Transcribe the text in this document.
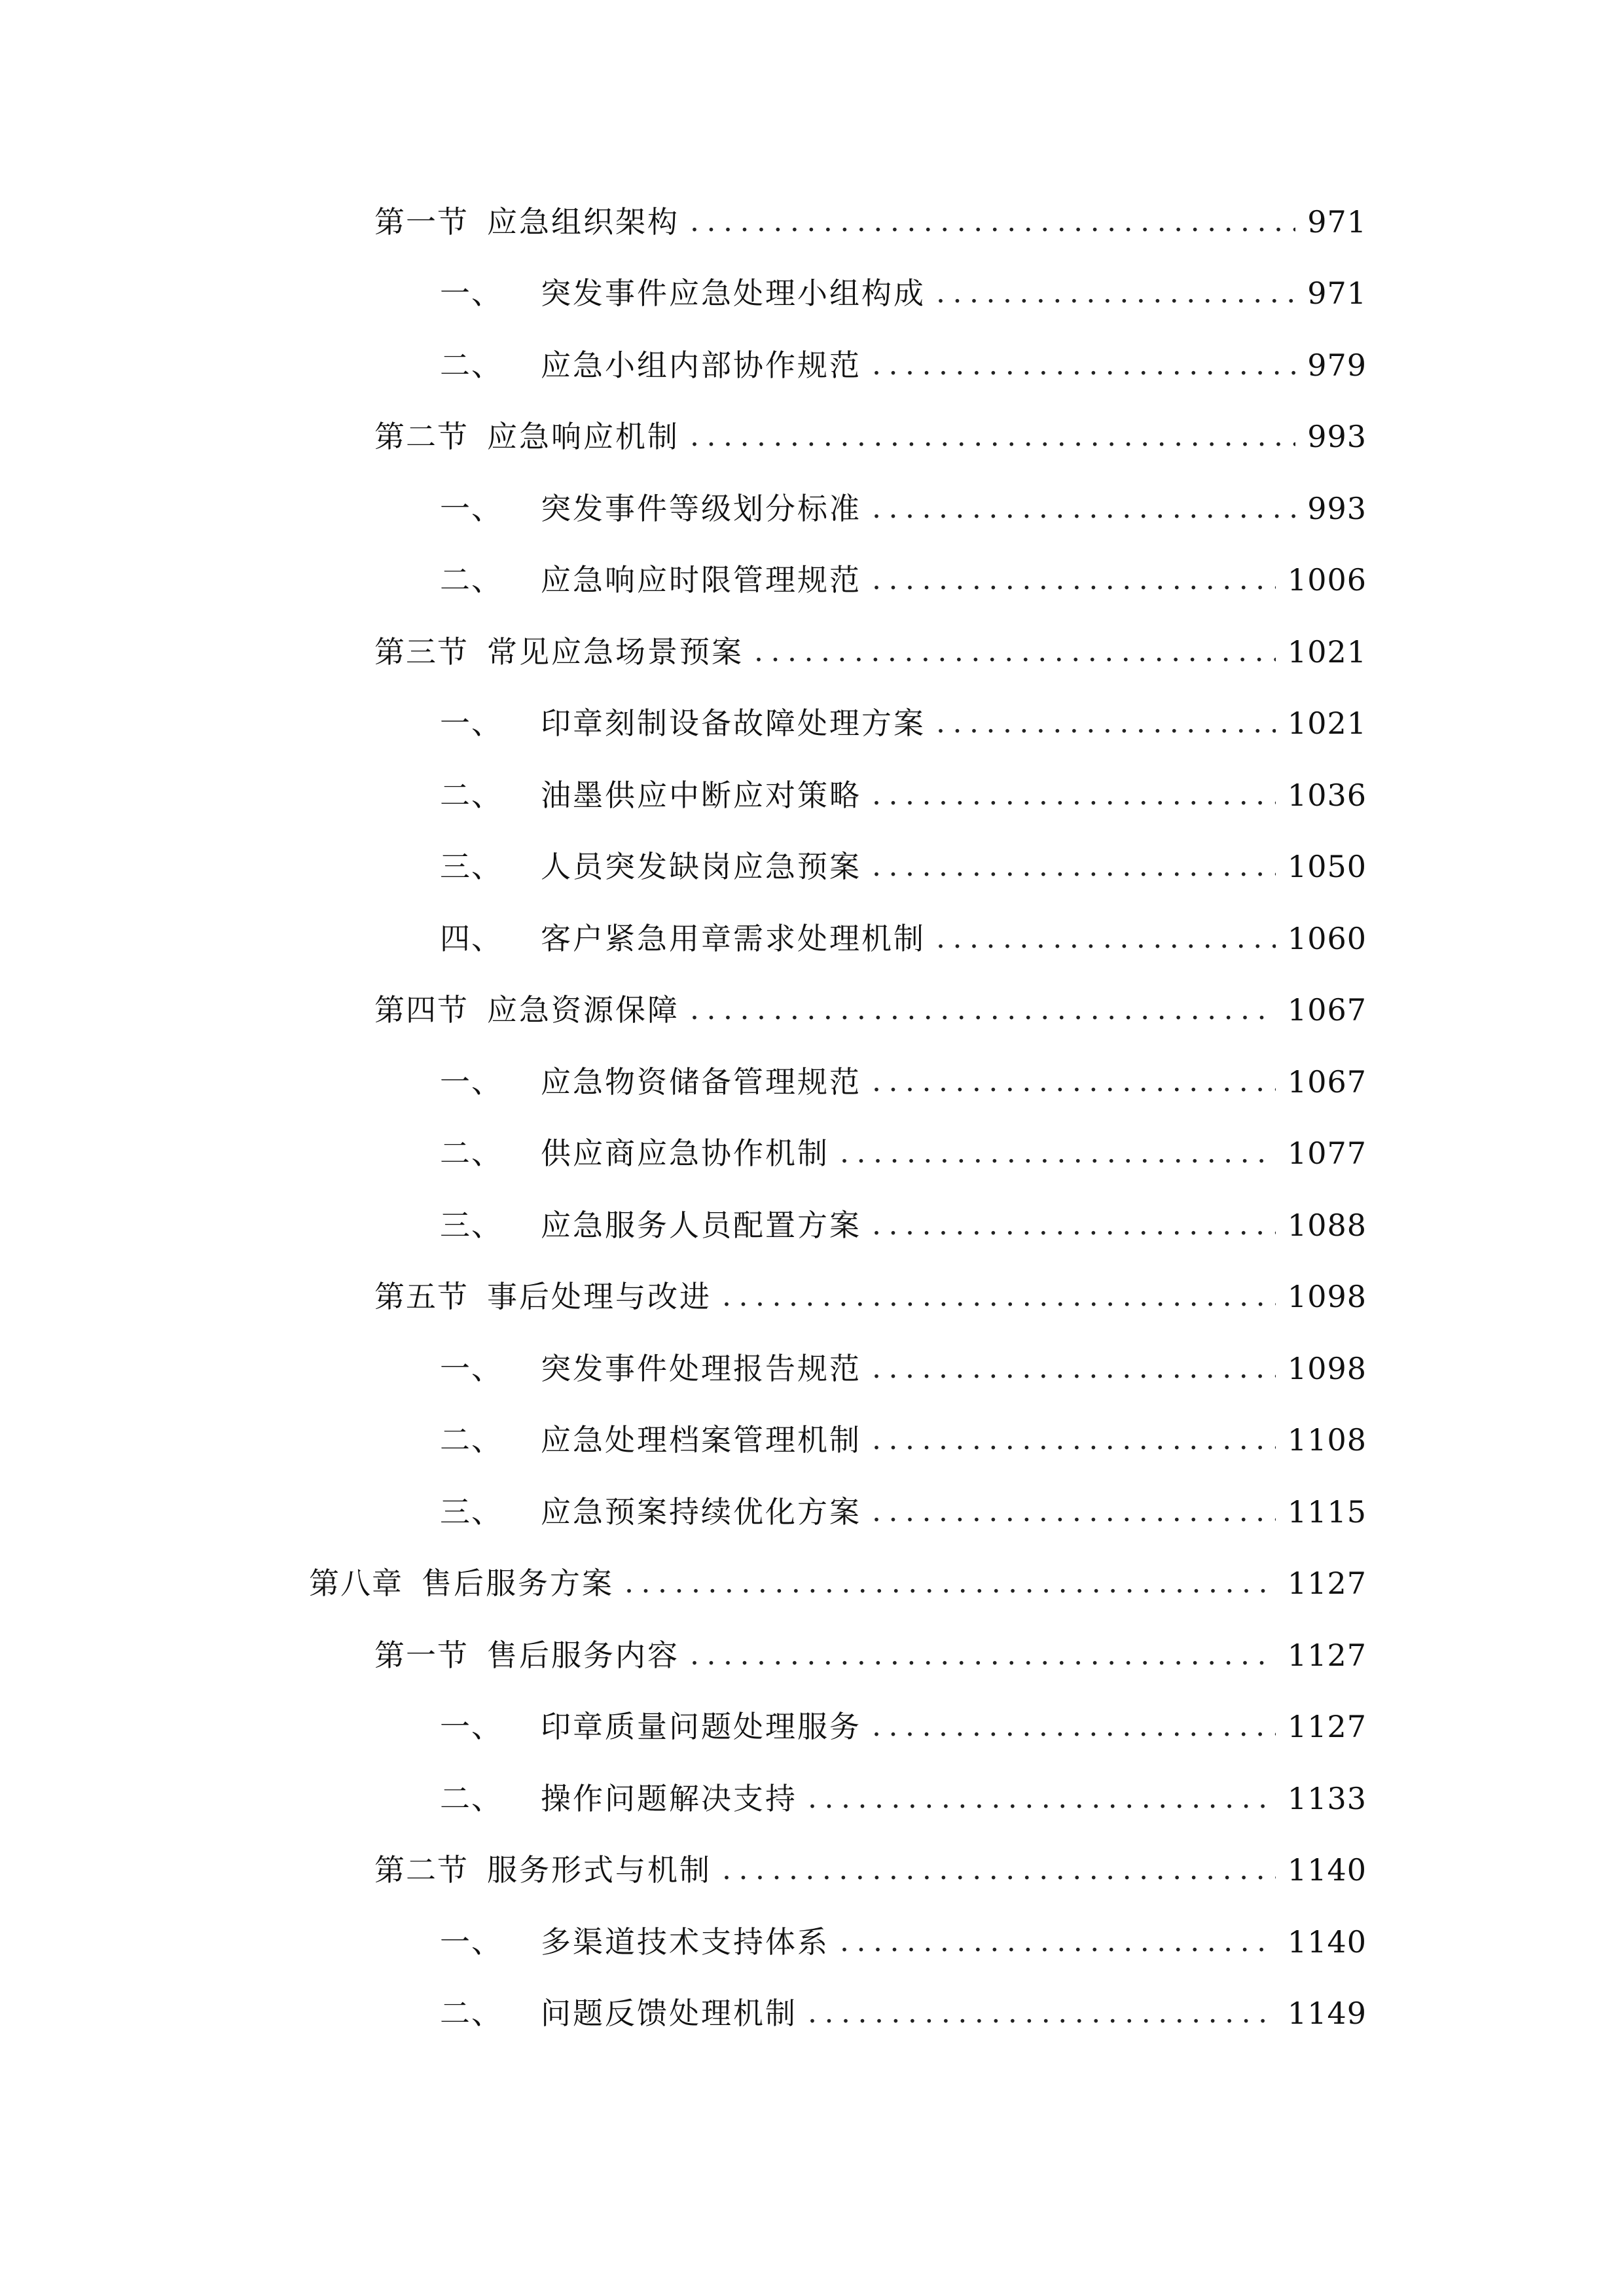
第一节 应急组织架构 .....	971
一、 突发事件应急处理小组构成 .....	971
二、 应急小组内部协作规范 .....	979
第二节 应急响应机制 .....	993
一、 突发事件等级划分标准 .....	993
二、 应急响应时限管理规范 .....	1006
第三节 常见应急场景预案 .....	1021
一、 印章刻制设备故障处理方案 .....	1021
二、 油墨供应中断应对策略 .....	1036
三、 人员突发缺岗应急预案 .....	1050
四、 客户紧急用章需求处理机制 .....	1060
第四节 应急资源保障 .....	1067
一、 应急物资储备管理规范 .....	1067
二、 供应商应急协作机制 .....	1077
三、 应急服务人员配置方案 .....	1088
第五节 事后处理与改进 .....	1098
一、 突发事件处理报告规范 .....	1098
二、 应急处理档案管理机制 .....	1108
三、 应急预案持续优化方案 .....	1115
第八章 售后服务方案 .....	1127
第一节 售后服务内容 .....	1127
一、 印章质量问题处理服务 .....	1127
二、 操作问题解决支持 .....	1133
第二节 服务形式与机制 .....	1140
一、 多渠道技术支持体系 .....	1140
二、 问题反馈处理机制 .....	1149
